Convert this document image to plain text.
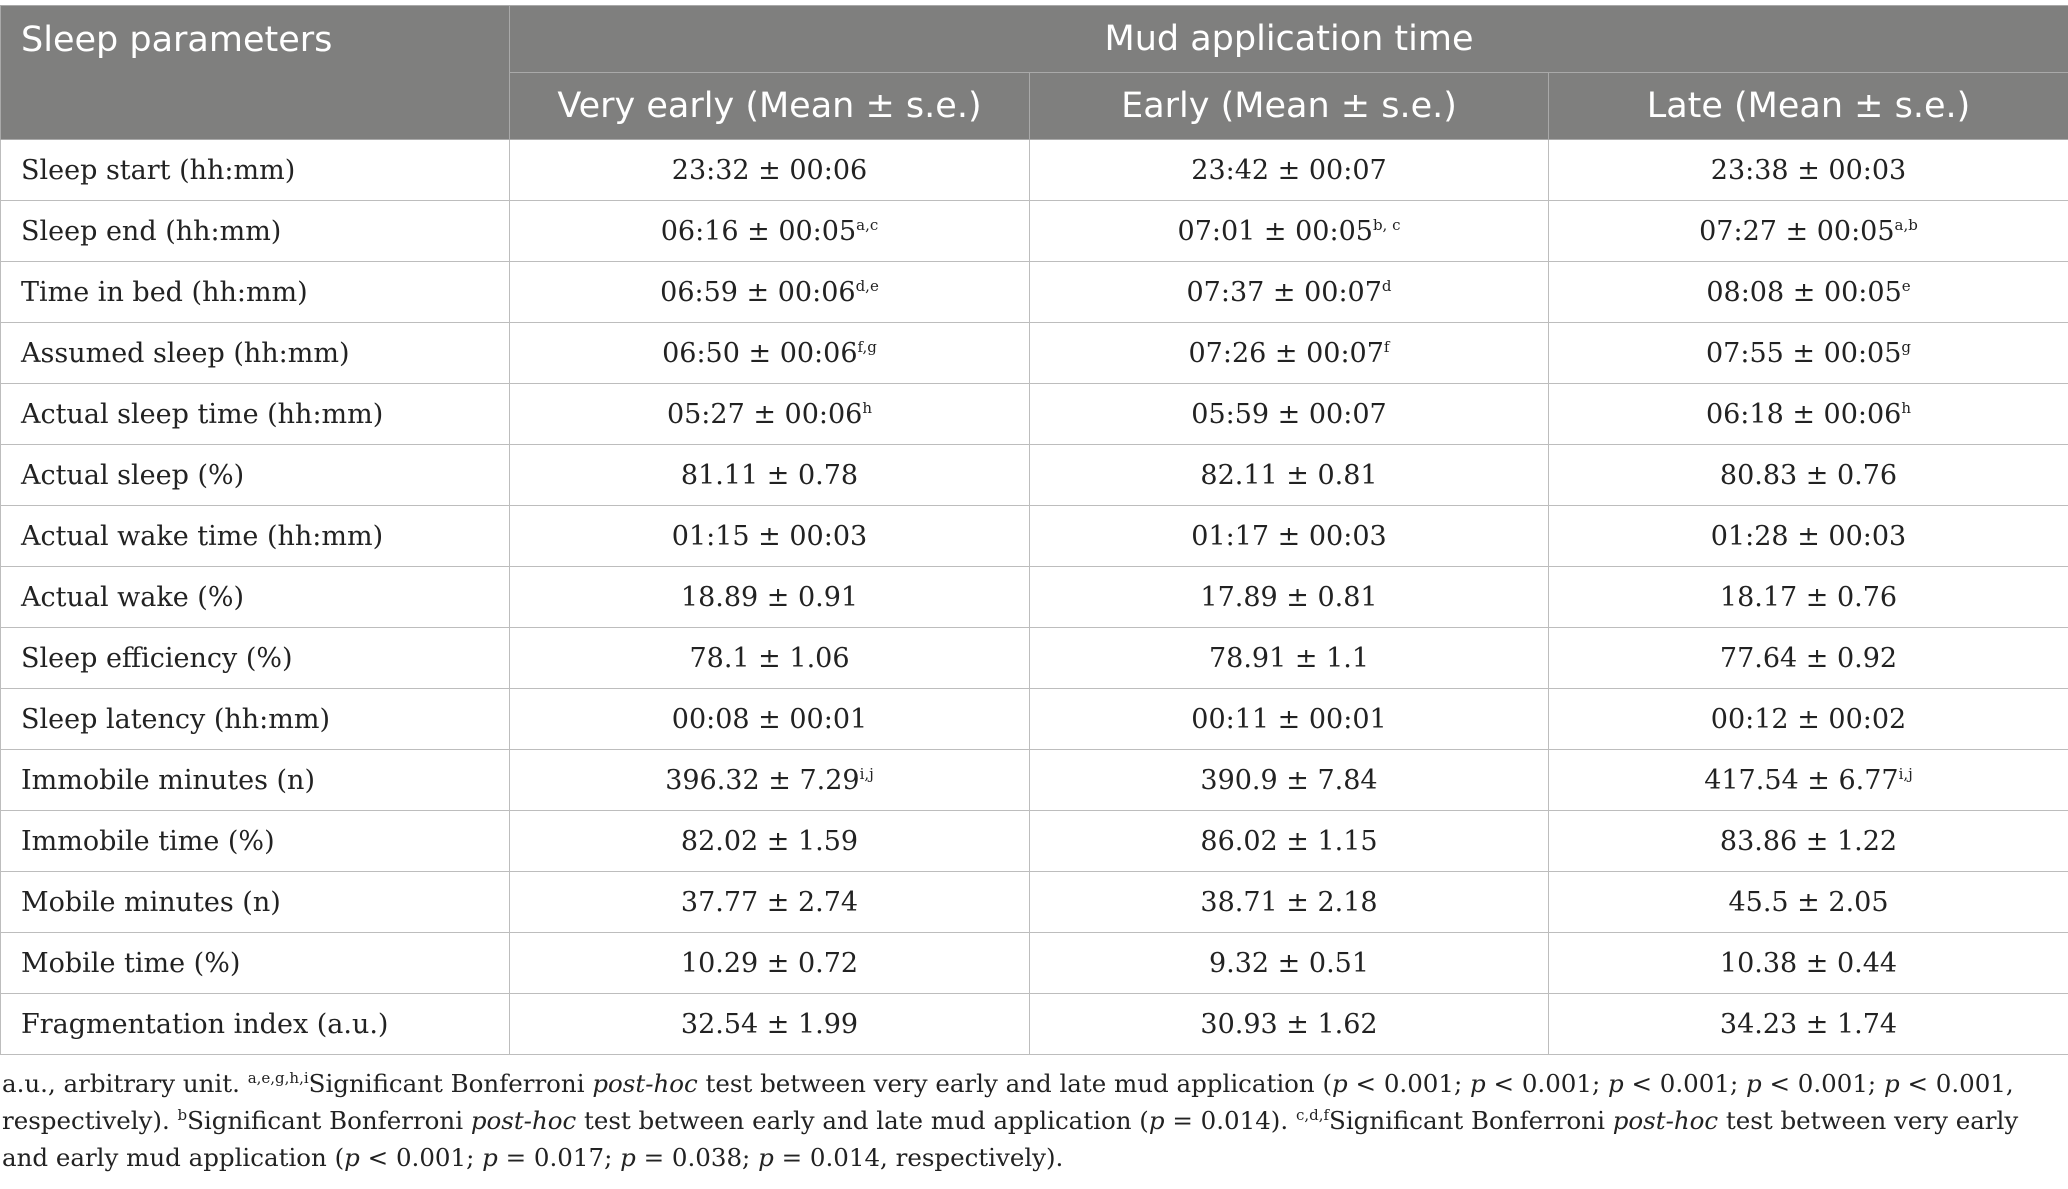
Sleep parameters	Mud application time		
	Very early (Mean ± s.e.)	Early (Mean ± s.e.)	Late (Mean ± s.e.)
Sleep start (hh:mm)	23:32 ± 00:06	23:42 ± 00:07	23:38 ± 00:03
Sleep end (hh:mm)	06:16 ± $00:05^{a,c}$	07:01 ± $00:05^{b, c}$	07:27 ± $00:05^{a,b}$
Time in bed (hh:mm)	06:59 ± $00:06^{d,e}$	07:37 ± $00:07^d$	08:08 ± $00:05^e$
Assumed sleep (hh:mm)	06:50 ± $00:06^{f,g}$	07:26 ± $00:07^f$	07:55 ± $00:05^g$
Actual sleep time (hh:mm)	05:27 ± $00:06^h$	05:59 ± 00:07	06:18 ± $00:06^h$
Actual sleep (%)	81.11 ± 0.78	82.11 ± 0.81	80.83 ± 0.76
Actual wake time (hh:mm)	01:15 ± 00:03	01:17 ± 00:03	01:28 ± 00:03
Actual wake (%)	18.89 ± 0.91	17.89 ± 0.81	18.17 ± 0.76
Sleep efficiency (%)	78.1 ± 1.06	78.91 ± 1.1	77.64 ± 0.92
Sleep latency (hh:mm)	00:08 ± 00:01	00:11 ± 00:01	00:12 ± 00:02
Immobile minutes (n)	$396.32 \pm 7.29^{i,j}$	390.9 ± 7.84	$417.54 \pm 6.77^{i,j}$
Immobile time (%)	82.02 ± 1.59	86.02 ± 1.15	83.86 ± 1.22
Mobile minutes (n)	37.77 ± 2.74	38.71 ± 2.18	45.5 ± 2.05
Mobile time (%)	10.29 ± 0.72	9.32 ± 0.51	10.38 ± 0.44
Fragmentation index (a.u.)	32.54 ± 1.99	30.93 ± 1.62	34.23 ± 1.74
a.u., arbitrary unit. $^{a,e,g,h,i}$Significant Bonferroni post-hoc test between very early and late mud application (p < 0.001; p < 0.001; p < 0.001; p < 0.001; p < 0.001, respectively). $^b$Significant Bonferroni post-hoc test between early and late mud application (p = 0.014). $^{c,d,f}$Significant Bonferroni post-hoc test between very early and early mud application (p < 0.001; p = 0.017; p = 0.038; p = 0.014, respectively).
